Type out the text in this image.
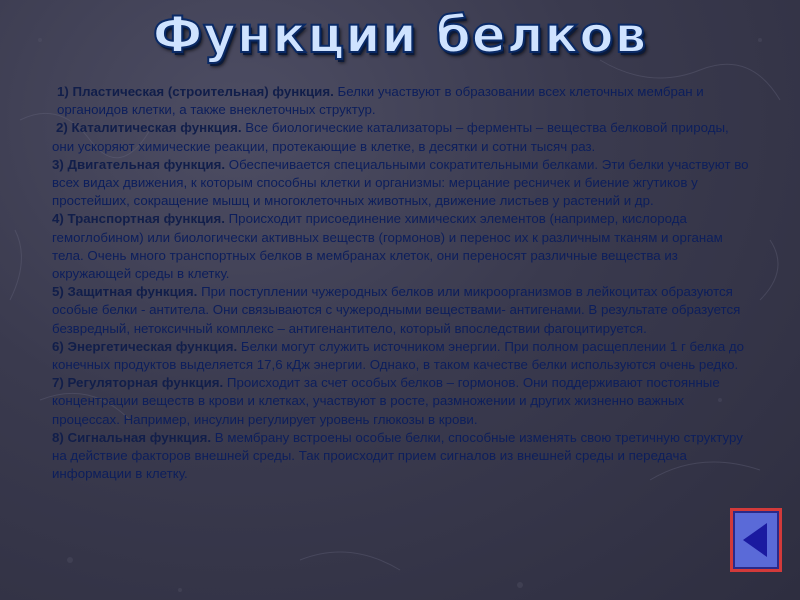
Функции белков

1) Пластическая (строительная) функция. Белки участвуют в образовании всех клеточных мембран и органоидов клетки, а также внеклеточных структур.

2) Каталитическая функция. Все биологические катализаторы – ферменты – вещества белковой природы, они ускоряют химические реакции, протекающие в клетке, в десятки и сотни тысяч раз.

3) Двигательная функция. Обеспечивается специальными сократительными белками. Эти белки участвуют во всех видах движения, к которым способны клетки и организмы: мерцание ресничек и биение жгутиков у простейших, сокращение мышц и многоклеточных животных, движение листьев у растений и др.

4) Транспортная функция. Происходит присоединение химических элементов (например, кислорода гемоглобином) или биологически активных веществ (гормонов) и перенос их к различным тканям и органам тела. Очень много транспортных белков в мембранах клеток, они переносят различные вещества из окружающей среды в клетку.

5) Защитная функция. При поступлении чужеродных белков или микроорганизмов в лейкоцитах образуются особые белки - антитела. Они связываются с чужеродными веществами- антигенами. В результате образуется безвредный, нетоксичный комплекс – антигенантитело, который впоследствии фагоцитируется.

6) Энергетическая функция. Белки могут служить источником энергии. При полном расщеплении 1 г белка до конечных продуктов выделяется 17,6 кДж энергии. Однако, в таком качестве белки используются очень редко.

7) Регуляторная функция. Происходит за счет особых белков – гормонов. Они поддерживают постоянные концентрации веществ в крови и клетках, участвуют в росте, размножении и других жизненно важных процессах. Например, инсулин регулирует уровень глюкозы в крови.

8) Сигнальная функция. В мембрану встроены особые белки, способные изменять свою третичную структуру на действие факторов внешней среды. Так происходит прием сигналов из внешней среды и передача информации в клетку.
